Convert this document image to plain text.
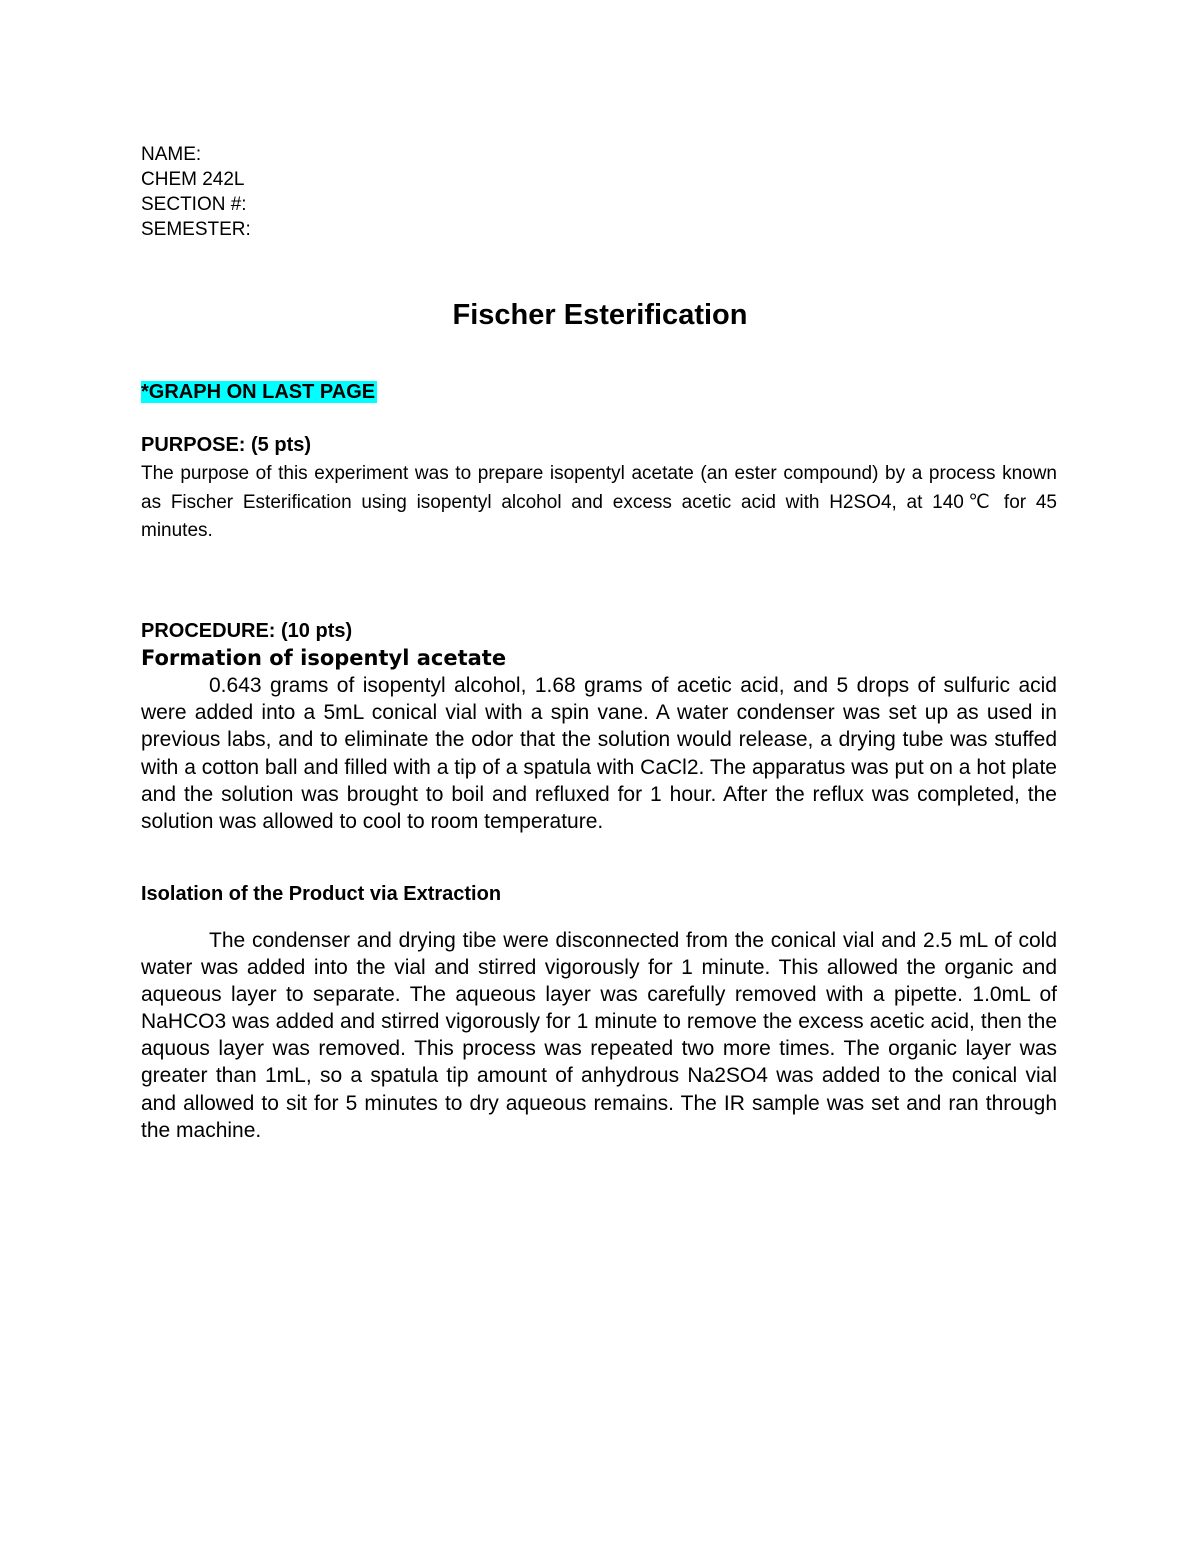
NAME:
CHEM 242L
SECTION #:
SEMESTER:
Fischer Esterification
*GRAPH ON LAST PAGE
PURPOSE: (5 pts)
The purpose of this experiment was to prepare isopentyl acetate (an ester compound) by a process known as Fischer Esterification using isopentyl alcohol and excess acetic acid with H2SO4, at 140℃ for 45 minutes.
PROCEDURE: (10 pts)
Formation of isopentyl acetate
0.643 grams of isopentyl alcohol, 1.68 grams of acetic acid, and 5 drops of sulfuric acid were added into a 5mL conical vial with a spin vane. A water condenser was set up as used in previous labs, and to eliminate the odor that the solution would release, a drying tube was stuffed with a cotton ball and filled with a tip of a spatula with CaCl2. The apparatus was put on a hot plate and the solution was brought to boil and refluxed for 1 hour. After the reflux was completed, the solution was allowed to cool to room temperature.
Isolation of the Product via Extraction
The condenser and drying tibe were disconnected from the conical vial and 2.5 mL of cold water was added into the vial and stirred vigorously for 1 minute. This allowed the organic and aqueous layer to separate. The aqueous layer was carefully removed with a pipette. 1.0mL of NaHCO3 was added and stirred vigorously for 1 minute to remove the excess acetic acid, then the aquous layer was removed. This process was repeated two more times. The organic layer was greater than 1mL, so a spatula tip amount of anhydrous Na2SO4 was added to the conical vial and allowed to sit for 5 minutes to dry aqueous remains. The IR sample was set and ran through the machine.
